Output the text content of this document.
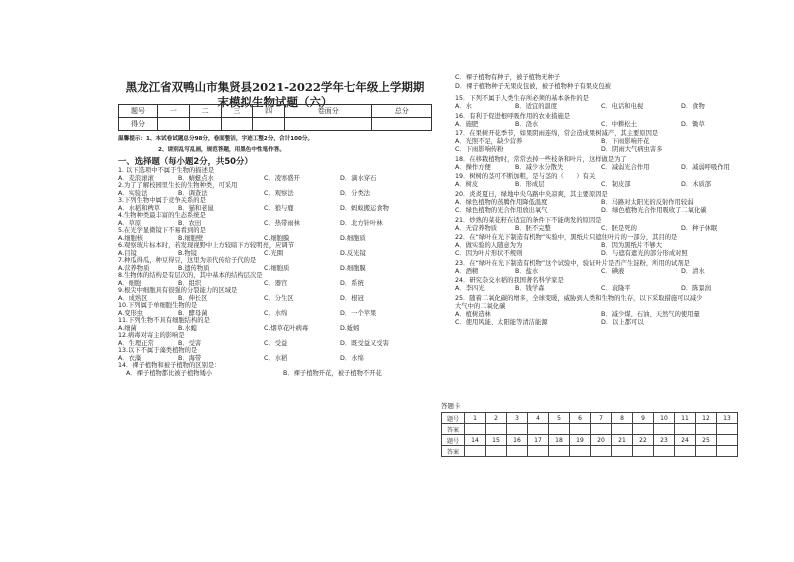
黑龙江省双鸭山市集贤县2021-2022学年七年级上学期期
末模拟生物试题（六）
题号	一	二	三	四	卷面分	总分
得分						
温馨提示：1、本试卷试题总分98分，卷面整洁，字迹工整2分，合计100分。
2、请别乱写乱画，规范答题，用黑色中性笔作答。
一、选择题（每小题2分，共50分）
1. 以下选项中不属于生物的描述是
A．麦浪滚滚	B．蜻蜓点水	C．凌寒盛开	D．滴水穿石
2.为了了解校园里生长的生物种类，可采用
A．实验法	B．调查法	C．观察法	D．分类法
3.下列生物中属于竞争关系的是
A．水稻和稗草	B．猫和老鼠	C．狼与鹿	D．蚂蚁搬运食物
4.生物种类最丰富的生态系统是
A．草原	B．农田	C．热带雨林	D．北方针叶林
5.在光学显微镜下不易看到的是
A.细胞核	B.细胞壁	C.细胞膜	D.细胞质
6.观察玻片标本时，若发现视野中上方较暗下方较明亮，应调节
A.目镜	B.物镜	C.光圈	D.反光镜
7.种瓜得瓜，种豆得豆，这里为亲代传给子代的是
A.营养物质	B.遗传物质	C.细胞质	D.细胞膜
8.生物体的结构是有层次的，其中基本的结构层次是
A．细胞	B．组织	C．器官	D．系统
9.根尖中细胞具有很强的分裂能力的区域是
A．成熟区	B．伸长区	C．分生区	D．根冠
10.下列属于单细胞生物的是
A.变形虫	B．酵母菌	C．水绵	D．一个苹果
11.下列生物不具有细胞结构的是
A.细菌	B.水螅	C.烟草花叶病毒	D.蚯蚓
12.病毒对寄主的影响是
A．生理正常	B．受害	C．受益	D．既受益又受害
13.以下不属于藻类植物的是
A．衣藻	B．海带	C．水稻	D．水绵
14．裸子植物和被子植物的区别是：
A．裸子植物都比被子植物矮小	B．裸子植物开花，被子植物不开花
答题卡
题号	1	2	3	4	5	6	7	8	9	10	11	12	13
答案													
题号	14	15	16	17	18	19	20	21	22	23	24	25	
答案													
C．裸子植物有种子，被子植物无种子
D．裸子植物种子无果皮包被，被子植物种子有果皮包被
15．下列不属于人类生存所必须的基本条件的是
A．水	B．适宜的温度	C．电话和电视	D．食物
16．有利于促进根呼吸作用的农业措施是
A．施肥	B．浇水	C．中耕松土	D．锄草
17．在果树开花季节，如果阴雨连绵，常会造成果树减产，其主要原因是
A．光照不足，缺少营养	B．下雨影响开花
C．下雨影响传粉	D．阴雨大气病虫害多
18．在移栽植物时，常常去掉一些枝条和叶片，这样做是为了
A．操作方便	B．减少水分散失	C．减弱光合作用	D．减弱呼吸作用
19．树树的茎可不断加粗，是与茎的（　　）有关
A．树皮	B．形成层	C．韧皮部	D．木质部
20．炎炎夏日，绿地中央乌路中央凉爽，其主要原因是
A．绿色植物的蒸腾作用降低温度	B．马路对太阳光的反射作用较弱
C．绿色植物的光合作用放出氧气	D．绿色植物光合作用吸收了二氧化碳
21．炒熟的菜花籽在适宜的条件下不能萌发的原因是
A．无营养物质	B．胚不完整	C．胚是死的	D．种子休眠
22．在“绿叶在光下制造有机物”实验中，黑纸片只遮住叶片的一部分，其目的是
A．做实验的人随意为为	B．因为黑纸片不够大
C．因为叶片形状不规则	D．与遮有遮光的部分形成对照
23．在“绿叶在光下制造有机物”这个试验中，验证叶片是否产生淀粉，所用的试剂是
A．酒精	B．盐水	C．碘液	D．清水
24．研究杂交水稻的我国著名科学家是
A．李四光	B．钱学森	C．袁隆平	D．陈景润
25．随着二氧化碳的增多，全球变暖，威胁到人类和生物的生存，以下采取措施可以减少
大气中的二氧化碳
A．植树造林	B．减少煤、石油、天然气的使用量
C．使用风能、太阳能等清洁能源	D．以上都可以
